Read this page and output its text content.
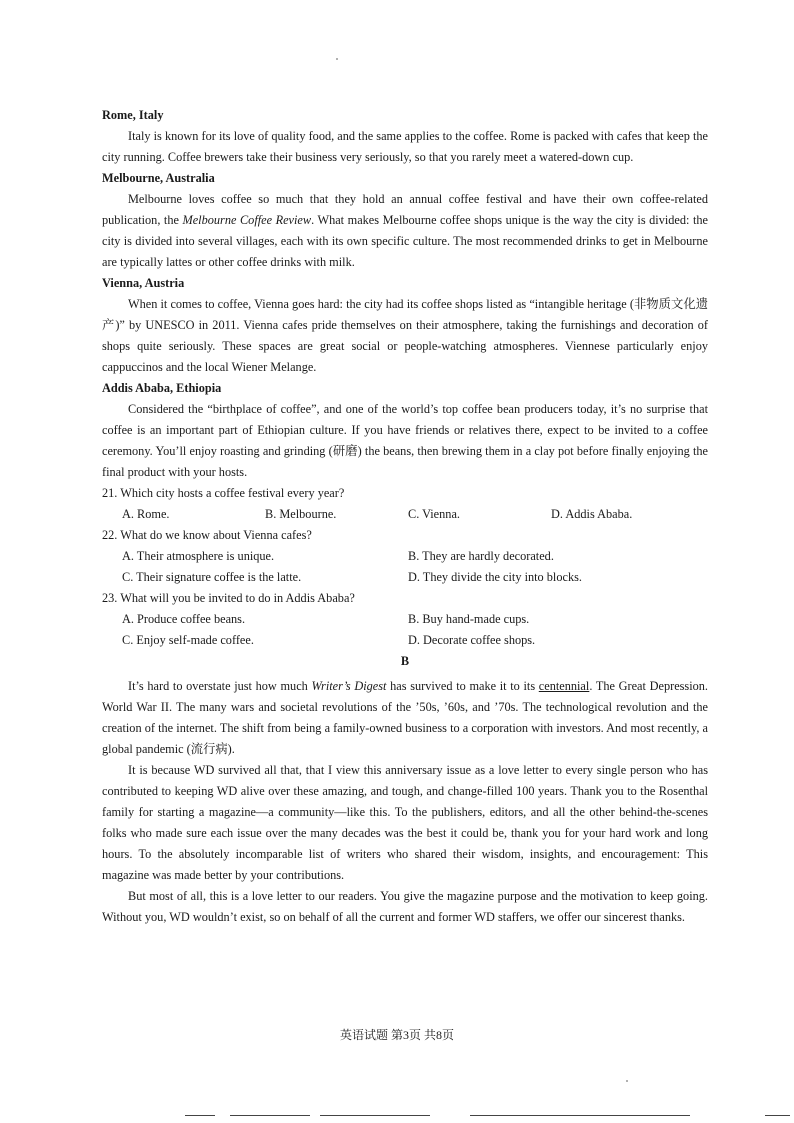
Rome, Italy
Italy is known for its love of quality food, and the same applies to the coffee. Rome is packed with cafes that keep the city running. Coffee brewers take their business very seriously, so that you rarely meet a watered-down cup.
Melbourne, Australia
Melbourne loves coffee so much that they hold an annual coffee festival and have their own coffee-related publication, the Melbourne Coffee Review. What makes Melbourne coffee shops unique is the way the city is divided: the city is divided into several villages, each with its own specific culture. The most recommended drinks to get in Melbourne are typically lattes or other coffee drinks with milk.
Vienna, Austria
When it comes to coffee, Vienna goes hard: the city had its coffee shops listed as “intangible heritage (非物质文化遗产)” by UNESCO in 2011. Vienna cafes pride themselves on their atmosphere, taking the furnishings and decoration of shops quite seriously. These spaces are great social or people-watching atmospheres. Viennese particularly enjoy cappuccinos and the local Wiener Melange.
Addis Ababa, Ethiopia
Considered the “birthplace of coffee”, and one of the world’s top coffee bean producers today, it’s no surprise that coffee is an important part of Ethiopian culture. If you have friends or relatives there, expect to be invited to a coffee ceremony. You’ll enjoy roasting and grinding (研磨) the beans, then brewing them in a clay pot before finally enjoying the final product with your hosts.
21. Which city hosts a coffee festival every year?
A. Rome.	B. Melbourne.	C. Vienna.	D. Addis Ababa.
22. What do we know about Vienna cafes?
A. Their atmosphere is unique.	B. They are hardly decorated.
C. Their signature coffee is the latte.	D. They divide the city into blocks.
23. What will you be invited to do in Addis Ababa?
A. Produce coffee beans.	B. Buy hand-made cups.
C. Enjoy self-made coffee.	D. Decorate coffee shops.
B
It’s hard to overstate just how much Writer’s Digest has survived to make it to its centennial. The Great Depression. World War II. The many wars and societal revolutions of the ’50s, ’60s, and ’70s. The technological revolution and the creation of the internet. The shift from being a family-owned business to a corporation with investors. And most recently, a global pandemic (流行病).
It is because WD survived all that, that I view this anniversary issue as a love letter to every single person who has contributed to keeping WD alive over these amazing, and tough, and change-filled 100 years. Thank you to the Rosenthal family for starting a magazine—a community—like this. To the publishers, editors, and all the other behind-the-scenes folks who made sure each issue over the many decades was the best it could be, thank you for your hard work and long hours. To the absolutely incomparable list of writers who shared their wisdom, insights, and encouragement: This magazine was made better by your contributions.
But most of all, this is a love letter to our readers. You give the magazine purpose and the motivation to keep going. Without you, WD wouldn’t exist, so on behalf of all the current and former WD staffers, we offer our sincerest thanks.
英语试题 第3页 共8页
